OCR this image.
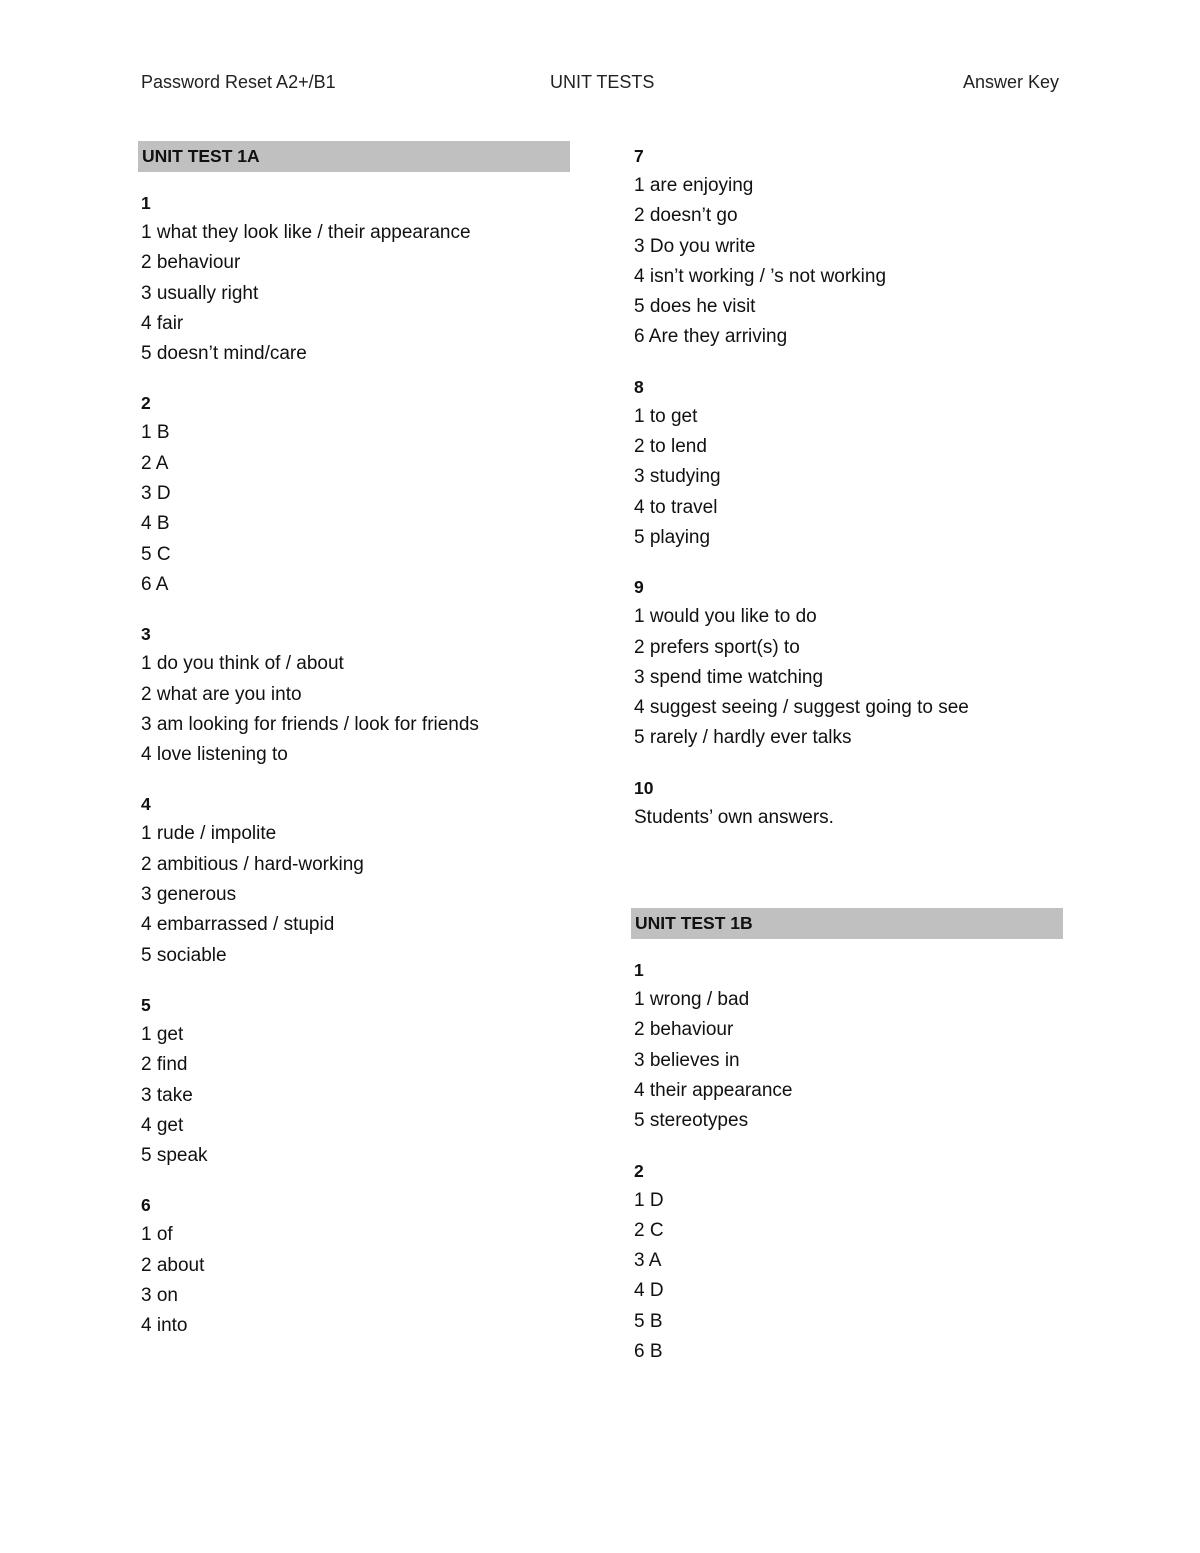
Password Reset A2+/B1	UNIT TESTS	Answer Key
UNIT TEST 1A
1
1 what they look like / their appearance
2 behaviour
3 usually right
4 fair
5 doesn’t mind/care
2
1 B
2 A
3 D
4 B
5 C
6 A
3
1 do you think of / about
2 what are you into
3 am looking for friends / look for friends
4 love listening to
4
1 rude / impolite
2 ambitious / hard-working
3 generous
4 embarrassed / stupid
5 sociable
5
1 get
2 find
3 take
4 get
5 speak
6
1 of
2 about
3 on
4 into
7
1 are enjoying
2 doesn’t go
3 Do you write
4 isn’t working / ’s not working
5 does he visit
6 Are they arriving
8
1 to get
2 to lend
3 studying
4 to travel
5 playing
9
1 would you like to do
2 prefers sport(s) to
3 spend time watching
4 suggest seeing / suggest going to see
5 rarely / hardly ever talks
10
Students’ own answers.
UNIT TEST 1B
1
1 wrong / bad
2 behaviour
3 believes in
4 their appearance
5 stereotypes
2
1 D
2 C
3 A
4 D
5 B
6 B
